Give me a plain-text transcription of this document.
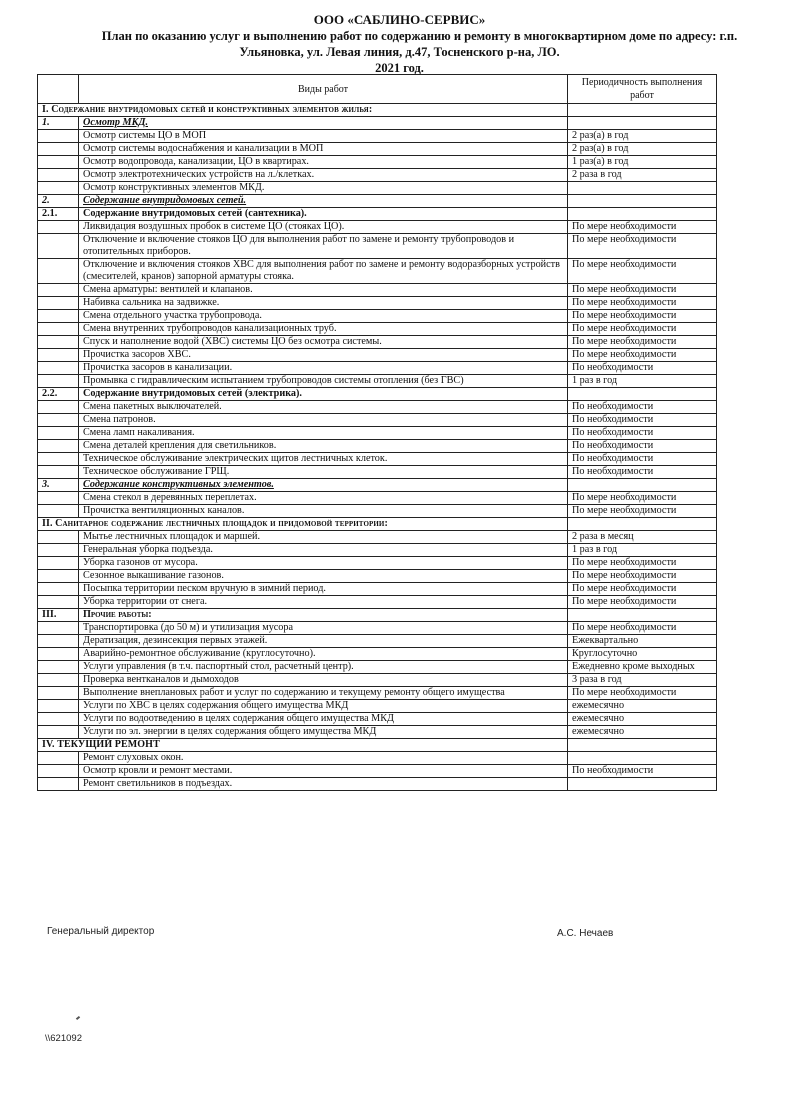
ООО «САБЛИНО-СЕРВИС»
План по оказанию услуг и выполнению работ по содержанию и ремонту в многоквартирном доме по адресу: г.п.
Ульяновка, ул. Левая линия, д.47, Тосненского р-на, ЛО.
2021 год.
	Виды работ	Периодичность выполнения работ
I. Содержание внутридомовых сетей и конструктивных элементов жилья:		
1.	Осмотр МКД.	
	Осмотр системы ЦО в МОП	2 раз(а) в год
	Осмотр системы водоснабжения и канализации в МОП	2 раз(а) в год
	Осмотр водопровода, канализации, ЦО в квартирах.	1 раз(а) в год
	Осмотр электротехнических устройств на л./клетках.	2 раза в год
	Осмотр конструктивных элементов МКД.	
2.	Содержание внутридомовых сетей.	
2.1.	Содержание внутридомовых сетей (сантехника).	
	Ликвидация воздушных пробок в системе ЦО (стояках ЦО).	По мере необходимости
	Отключение и включение стояков ЦО для выполнения работ по замене и ремонту трубопроводов и отопительных приборов.	По мере необходимости
	Отключение и включения стояков ХВС для выполнения работ по замене и ремонту водоразборных устройств (смесителей, кранов) запорной арматуры стояка.	По мере необходимости
	Смена арматуры: вентилей и клапанов.	По мере необходимости
	Набивка сальника на задвижке.	По мере необходимости
	Смена отдельного участка трубопровода.	По мере необходимости
	Смена внутренних трубопроводов канализационных труб.	По мере необходимости
	Спуск и наполнение водой (ХВС) системы ЦО без осмотра системы.	По мере необходимости
	Прочистка засоров ХВС.	По мере необходимости
	Прочистка засоров в канализации.	По необходимости
	Промывка с гидравлическим испытанием трубопроводов системы отопления (без ГВС)	1 раз в год
2.2.	Содержание внутридомовых сетей (электрика).	
	Смена пакетных выключателей.	По необходимости
	Смена патронов.	По необходимости
	Смена ламп накаливания.	По необходимости
	Смена деталей крепления для светильников.	По необходимости
	Техническое обслуживание электрических щитов лестничных клеток.	По необходимости
	Техническое обслуживание ГРЩ.	По необходимости
3.	Содержание конструктивных элементов.	
	Смена стекол в деревянных переплетах.	По мере необходимости
	Прочистка вентиляционных каналов.	По мере необходимости
II. Санитарное содержание лестничных площадок и придомовой территории:		
	Мытье лестничных площадок и маршей.	2 раза в месяц
	Генеральная уборка подъезда.	1 раз в год
	Уборка газонов от мусора.	По мере необходимости
	Сезонное выкашивание газонов.	По мере необходимости
	Посыпка территории песком вручную в зимний период.	По мере необходимости
	Уборка территории от снега.	По мере необходимости
III.	Прочие работы:	
	Транспортировка (до 50 м) и утилизация мусора	По мере необходимости
	Дератизация, дезинсекция первых этажей.	Ежеквартально
	Аварийно-ремонтное обслуживание (круглосуточно).	Круглосуточно
	Услуги управления (в т.ч. паспортный стол, расчетный центр).	Ежедневно кроме выходных
	Проверка вентканалов и дымоходов	3 раза в год
	Выполнение внеплановых работ и услуг по содержанию и текущему ремонту общего имущества	По мере необходимости
	Услуги по ХВС в целях содержания общего имущества МКД	ежемесячно
	Услуги по водоотведению в целях содержания общего имущества МКД	ежемесячно
	Услуги по эл. энергии в целях содержания общего имущества МКД	ежемесячно
IV. ТЕКУЩИЙ РЕМОНТ		
	Ремонт слуховых окон.	
	Осмотр кровли и ремонт местами.	По необходимости
	Ремонт светильников в подъездах.	
Генеральный директор	А.С. Нечаев
\\621092
